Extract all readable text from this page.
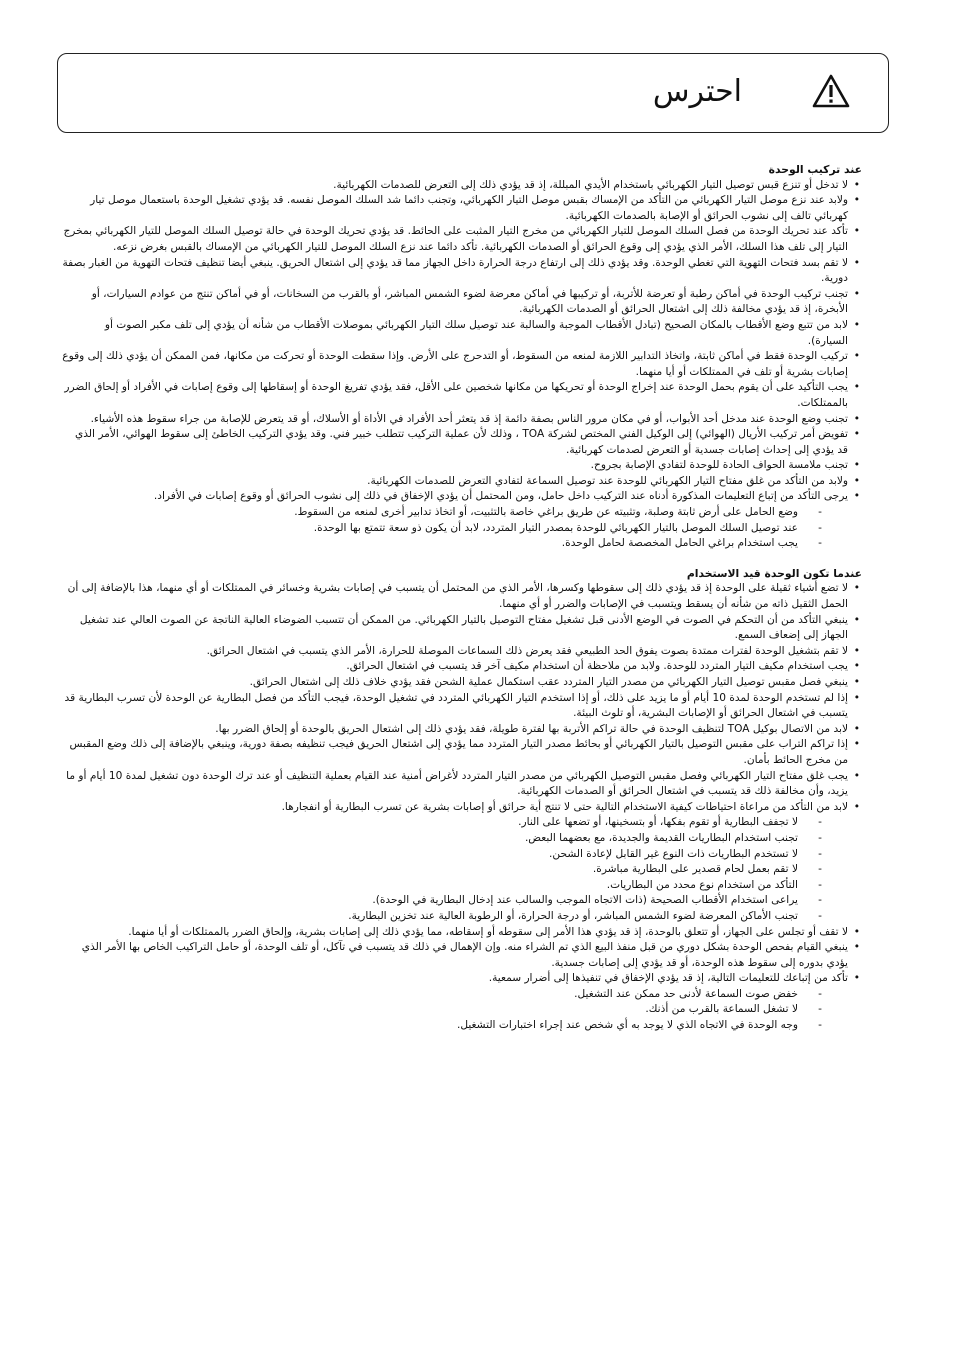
احترس

عند تركيب الوحدة

• لا تدخل أو تنزع قبس توصيل التيار الكهربائي باستخدام الأيدي المبللة، إذ قد يؤدي ذلك إلى التعرض للصدمات الكهربائية.
• ولابد عند نزع موصل التيار الكهربائي من التأكد من الإمساك بقبس موصل التيار الكهربائي، وتجنب دائما شد السلك الموصل نفسه. قد يؤدي تشغيل الوحدة باستعمال موصل تيار كهربائي تالف إلى نشوب الحرائق أو الإصابة بالصدمات الكهربائية.
• تأكد عند تحريك الوحدة من فصل السلك الموصل للتيار الكهربائي من مخرج التيار المثبت على الحائط. قد يؤدي تحريك الوحدة في حالة توصيل السلك الموصل للتيار الكهربائي بمخرج التيار إلى تلف هذا السلك، الأمر الذي يؤدي إلى وقوع الحرائق أو الصدمات الكهربائية. تأكد دائما عند نزع السلك الموصل للتيار الكهربائي من الإمساك بالقبس بغرض نزعه.
• لا تقم بسد فتحات التهوية التي تغطي الوحدة. وقد يؤدي ذلك إلى ارتفاع درجة الحرارة داخل الجهاز مما قد يؤدي إلى اشتعال الحريق. ينبغي أيضا تنظيف فتحات التهوية من الغبار بصفة دورية.
• تجنب تركيب الوحدة في أماكن رطبة أو تعرضة للأتربة، أو تركيبها في أماكن معرضة لضوء الشمس المباشر، أو بالقرب من السخانات، أو في أماكن تنتج من عوادم السيارات، أو الأبخرة، إذ قد يؤدي مخالفة ذلك إلى اشتعال الحرائق أو الصدمات الكهربائية.
• لابد من تتبع وضع الأقطاب بالمكان الصحيح (تبادل الأقطاب الموجبة والسالبة عند توصيل سلك التيار الكهربائي بموصلات الأقطاب من شأنه أن يؤدي إلى تلف مكبر الصوت أو السيارة).
• تركيب الوحدة فقط في أماكن ثابتة، واتخاذ التدابير اللازمة لمنعه من السقوط، أو التدحرج على الأرض. وإذا سقطت الوحدة أو تحركت من مكانها، فمن الممكن أن يؤدي ذلك إلى وقوع إصابات بشرية أو تلف في الممتلكات أو أيا منهما.
• يجب التأكيد على أن يقوم بحمل الوحدة عند إخراج الوحدة أو تحريكها من مكانها شخصين على الأقل، فقد يؤدي تفريغ الوحدة أو إسقاطها إلى وقوع إصابات في الأفراد أو إلحاق الضرر بالممتلكات.
• تجنب وضع الوحدة عند مدخل أحد الأبواب، أو في مكان مرور الناس بصفة دائمة إذ قد يتعثر أحد الأفراد في الأداة أو الأسلاك، أو قد يتعرض للإصابة من جراء سقوط هذه الأشياء.
• تفويض أمر تركيب الأريال (الهوائي) إلى الوكيل الفني المختص لشركة TOA ، وذلك لأن عملية التركيب تتطلب خبير فني. وقد يؤدي التركيب الخاطئ إلى سقوط الهوائي، الأمر الذي قد يؤدي إلى إحداث إصابات جسدية أو التعرض لصدمات كهربائية.
• تجنب ملامسة الحواف الحادة للوحدة لتفادي الإصابة بجروح.
• ولابد من التأكد من غلق مفتاح التيار الكهربائي للوحدة عند توصيل السماعة لتفادي التعرض للصدمات الكهربائية.
• يرجى التأكد من إتباع التعليمات المذكورة أدناه عند التركيب داخل حامل، ومن المحتمل أن يؤدي الإخفاق في ذلك إلى نشوب الحرائق أو وقوع إصابات في الأفراد.
- وضع الحامل على أرض ثابتة وصلبة، وتثبيته عن طريق براغي خاصة بالتثبيت، أو اتخاذ تدابير أخرى لمنعه من السقوط.
- عند توصيل السلك الموصل بالتيار الكهربائي للوحدة بمصدر التيار المتردد، لابد أن يكون ذو سعة تتمتع بها الوحدة.
- يجب استخدام براغي الحامل المخصصة لحامل الوحدة.

عندما تكون الوحدة قيد الاستخدام

• لا تضع أشياء ثقيلة على الوحدة إذ قد يؤدي ذلك إلى سقوطها وكسرها، الأمر الذي من المحتمل أن يتسبب في إصابات بشرية وخسائر في الممتلكات أو أي منهما، هذا بالإضافة إلى أن الحمل الثقيل ذاته من شأنه أن يسقط ويتسبب في الإصابات والضرر أو أي منهما.
• ينبغي التأكد من أن التحكم في الصوت في الوضع الأدنى قبل تشغيل مفتاح التوصيل بالتيار الكهربائي. من الممكن أن تتسبب الضوضاء العالية الناتجة عن الصوت العالي عند تشغيل الجهاز إلى إضعاف السمع.
• لا تقم بتشغيل الوحدة لفترات ممتدة بصوت يفوق الحد الطبيعي فقد يعرض ذلك السماعات الموصلة للحرارة، الأمر الذي يتسبب في اشتعال الحرائق.
• يجب استخدام مكيف التيار المتردد للوحدة. ولابد من ملاحظة أن استخدام مكيف آخر قد يتسبب في اشتعال الحرائق.
• ينبغي فصل مقبس توصيل التيار الكهربائي من مصدر التيار المتردد عقب استكمال عملية الشحن فقد يؤدي خلاف ذلك إلى اشتعال الحرائق.
• إذا لم تستخدم الوحدة لمدة 10 أيام أو ما يزيد على ذلك، أو إذا استخدم التيار الكهربائي المتردد في تشغيل الوحدة، فيجب التأكد من فصل البطارية عن الوحدة لأن تسرب البطارية قد يتسبب في اشتعال الحرائق أو الإصابات البشرية، أو تلوث البيئة.
• لابد من الاتصال بوكيل TOA لتنظيف الوحدة في حالة تراكم الأتربة بها لفترة طويلة، فقد يؤدي ذلك إلى اشتعال الحريق بالوحدة أو إلحاق الضرر بها.
• إذا تراكم التراب على مقبس التوصيل بالتيار الكهربائي أو بحائط مصدر التيار المتردد مما يؤدي إلى اشتعال الحريق فيجب تنظيفه بصفة دورية، وينبغي بالإضافة إلى ذلك وضع المقبس من مخرج الحائط بأمان.
• يجب غلق مفتاح التيار الكهربائي وفصل مقبس التوصيل الكهربائي من مصدر التيار المتردد لأغراض أمنية عند القيام بعملية التنظيف أو عند ترك الوحدة دون تشغيل لمدة 10 أيام أو ما يزيد، وأن مخالفة ذلك قد يتسبب في اشتعال الحرائق أو الصدمات الكهربائية.
• لابد من التأكد من مراعاة احتياطات كيفية الاستخدام التالية حتى لا تنتج أية حرائق أو إصابات بشرية عن تسرب البطارية أو انفجارها.
- لا تجفف البطارية أو تقوم بفكها، أو بتسخينها، أو تضعها على النار.
- تجنب استخدام البطاريات القديمة والجديدة، مع بعضهما البعض.
- لا تستخدم البطاريات ذات النوع غير القابل لإعادة الشحن.
- لا تقم بعمل لحام قصدير على البطارية مباشرة.
- التأكد من استخدام نوع محدد من البطاريات.
- يراعى استخدام الأقطاب الصحيحة (ذات الاتجاه الموجب والسالب عند إدخال البطارية في الوحدة).
- تجنب الأماكن المعرضة لضوء الشمس المباشر، أو درجة الحرارة، أو الرطوبة العالية عند تخزين البطارية.
• لا تقف أو تجلس على الجهاز، أو تتعلق بالوحدة، إذ قد يؤدي هذا الأمر إلى سقوطه أو إسقاطه، مما يؤدي ذلك إلى إصابات بشرية، وإلحاق الضرر بالممتلكات أو أيا منهما.
• ينبغي القيام بفحص الوحدة بشكل دوري من قبل منفذ البيع الذي تم الشراء منه. وإن الإهمال في ذلك قد يتسبب في تآكل، أو تلف الوحدة، أو حامل التراكيب الخاص بها الأمر الذي يؤدي بدوره إلى سقوط هذه الوحدة، أو قد يؤدي إلى إصابات جسدية.
• تأكد من إتباعك للتعليمات التالية، إذ قد يؤدي الإخفاق في تنفيذها إلى أضرار سمعية.
- خفض صوت السماعة لأدنى حد ممكن عند التشغيل.
- لا تشغل السماعة بالقرب من أذنك.
- وجه الوحدة في الاتجاه الذي لا يوجد به أي شخص عند إجراء اختبارات التشغيل.
